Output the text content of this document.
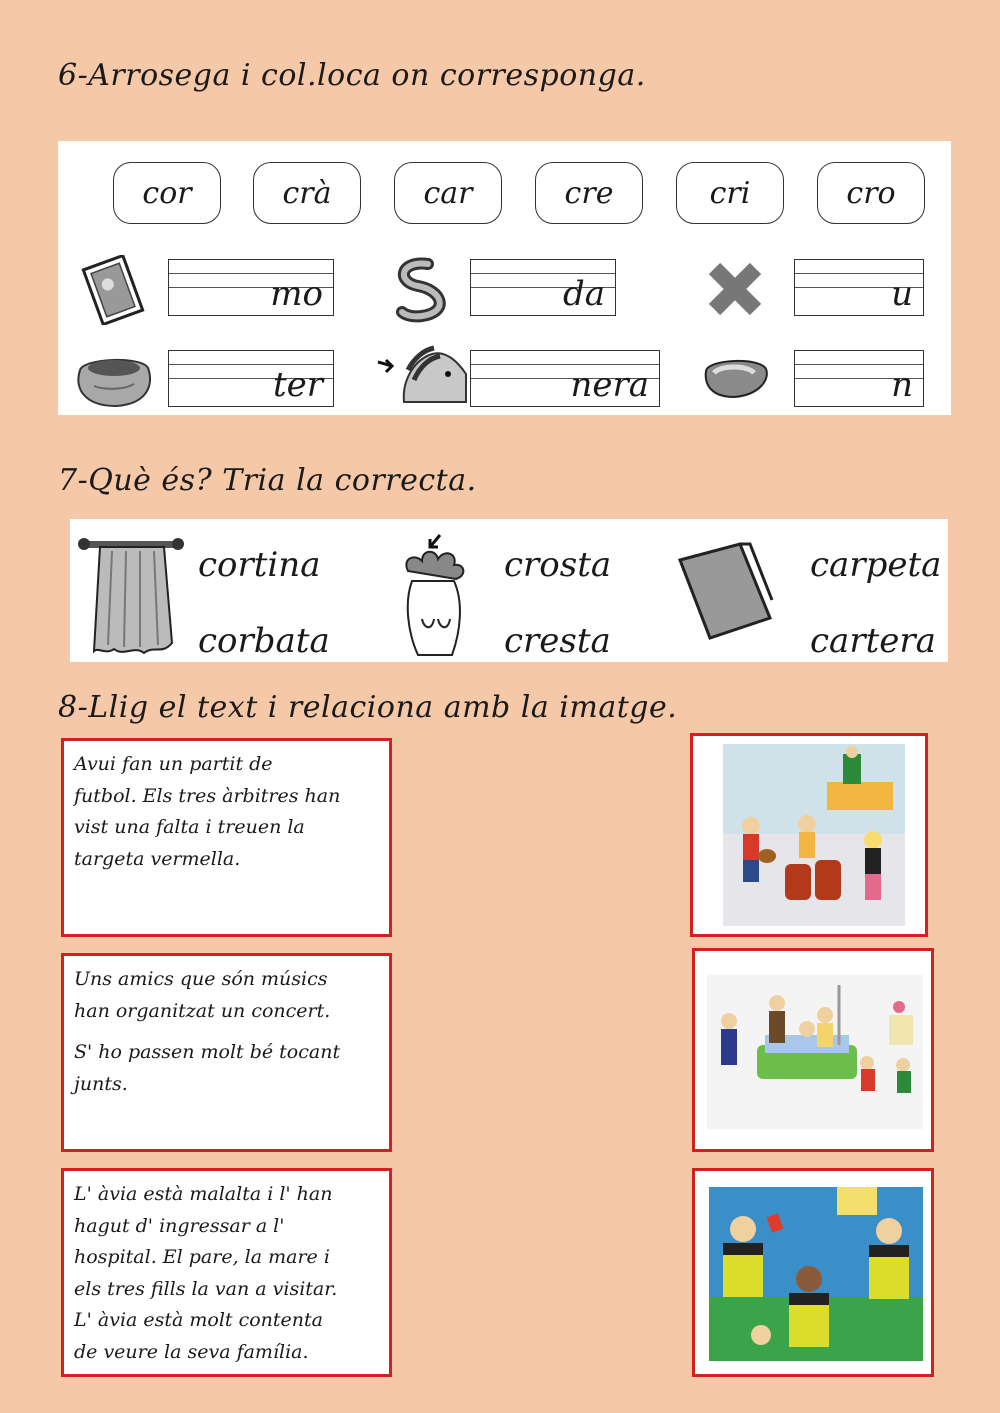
6-Arrosega i col.loca on corresponga.
cor	crà	car	cre	cri	cro
mo	da	u
ter	nera	n
7-Què és? Tria la correcta.
cortina
corbata
crosta
cresta
carpeta
cartera
8-Llig el text i relaciona amb la imatge.

Avui fan un partit de

futbol. Els tres àrbitres han

vist una falta i treuen la

targeta vermella.

Uns amics que són músics

han organitzat un concert.

S' ho passen molt bé tocant

junts.

L' àvia està malalta i l' han

hagut d' ingressar a l'

hospital. El pare, la mare i

els tres fills la van a visitar.

L' àvia està molt contenta

de veure la seva família.
